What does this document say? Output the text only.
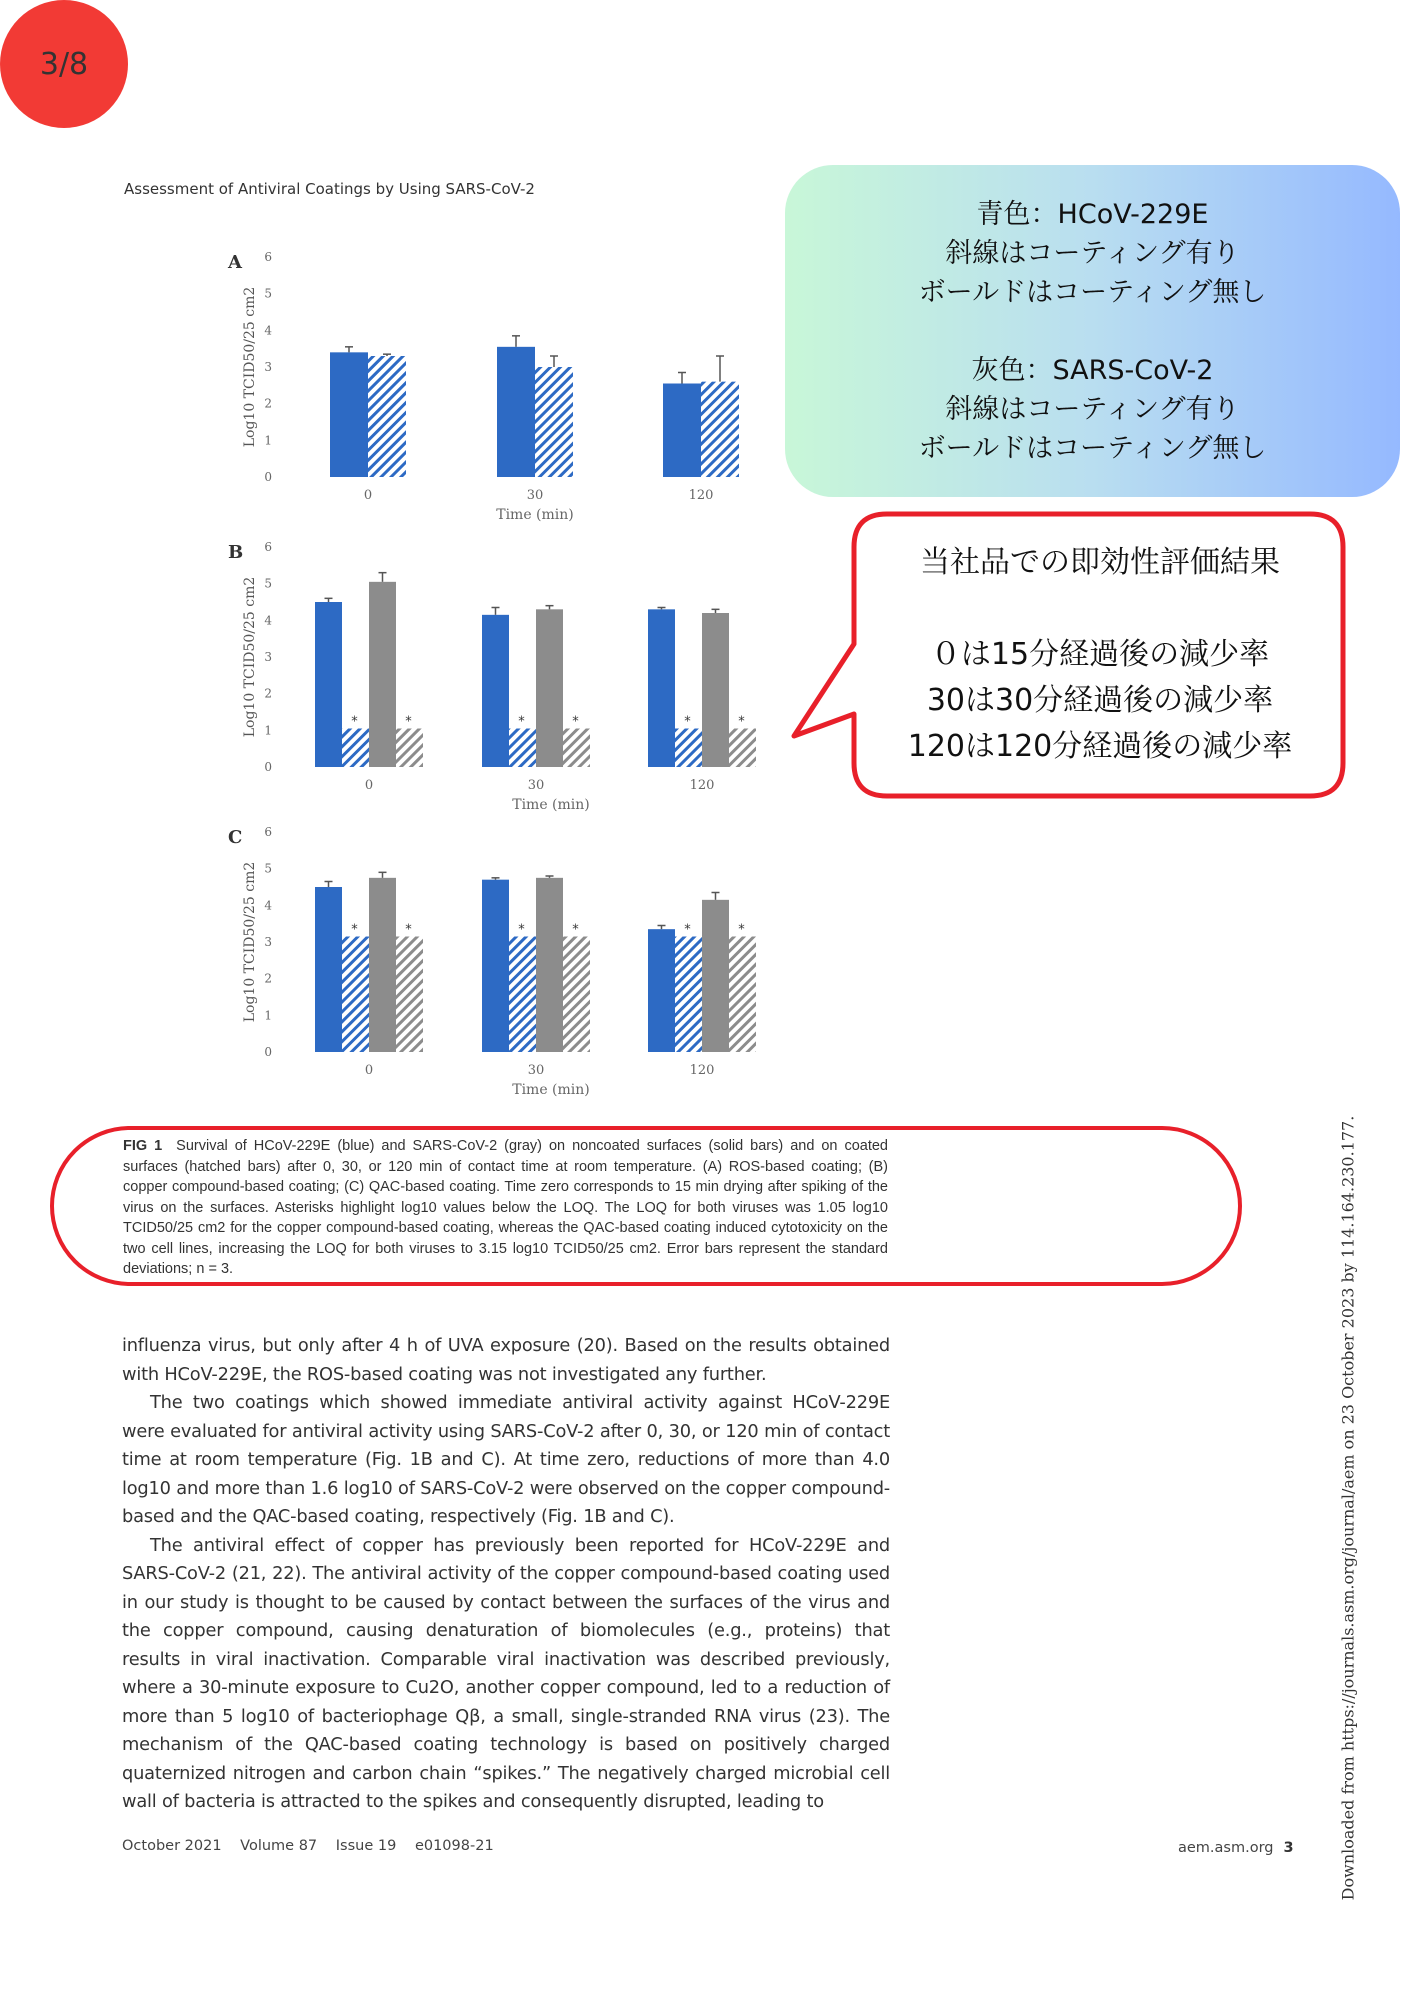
3/8
Assessment of Antiviral Coatings by Using SARS-CoV-2
A
0
1
2
3
4
5
6
Log10 TCID50/25 cm2
0	30	120
Time (min)
B
0
1
2
3
4
5
6
Log10 TCID50/25 cm2	*	*	*
*	*	*
0	30	120
Time (min)
C
0
1
2
3
4
5
6
Log10 TCID50/25 cm2	*	*	*
*	*	*
0	30	120
Time (min)
青色：HCoV-229E
斜線はコーティング有り
ボールドはコーティング無し
灰色：SARS-CoV-2
斜線はコーティング有り
ボールドはコーティング無し
当社品での即効性評価結果
０は15分経過後の減少率
30は30分経過後の減少率
120は120分経過後の減少率
FIG 1 Survival of HCoV-229E (blue) and SARS-CoV-2 (gray) on noncoated surfaces (solid bars) and on coated surfaces (hatched bars) after 0, 30, or 120 min of contact time at room temperature. (A) ROS-based coating; (B) copper compound-based coating; (C) QAC-based coating. Time zero corresponds to 15 min drying after spiking of the virus on the surfaces. Asterisks highlight log10 values below the LOQ. The LOQ for both viruses was 1.05 log10 TCID50/25 cm2 for the copper compound-based coating, whereas the QAC-based coating induced cytotoxicity on the two cell lines, increasing the LOQ for both viruses to 3.15 log10 TCID50/25 cm2. Error bars represent the standard deviations; n = 3.

influenza virus, but only after 4 h of UVA exposure (20). Based on the results obtained with HCoV-229E, the ROS-based coating was not investigated any further.

The two coatings which showed immediate antiviral activity against HCoV-229E were evaluated for antiviral activity using SARS-CoV-2 after 0, 30, or 120 min of contact time at room temperature (Fig. 1B and C). At time zero, reductions of more than 4.0 log10 and more than 1.6 log10 of SARS-CoV-2 were observed on the copper compound-based and the QAC-based coating, respectively (Fig. 1B and C).

The antiviral effect of copper has previously been reported for HCoV-229E and SARS-CoV-2 (21, 22). The antiviral activity of the copper compound-based coating used in our study is thought to be caused by contact between the surfaces of the virus and the copper compound, causing denaturation of biomolecules (e.g., proteins) that results in viral inactivation. Comparable viral inactivation was described previously, where a 30-minute exposure to Cu2O, another copper compound, led to a reduction of more than 5 log10 of bacteriophage Qβ, a small, single-stranded RNA virus (23). The mechanism of the QAC-based coating technology is based on positively charged quaternized nitrogen and carbon chain “spikes.” The negatively charged microbial cell wall of bacteria is attracted to the spikes and consequently disrupted, leading to

October 2021 Volume 87 Issue 19 e01098-21	aem.asm.org 3	Downloaded from https://journals.asm.org/journal/aem on 23 October 2023 by 114.164.230.177.
